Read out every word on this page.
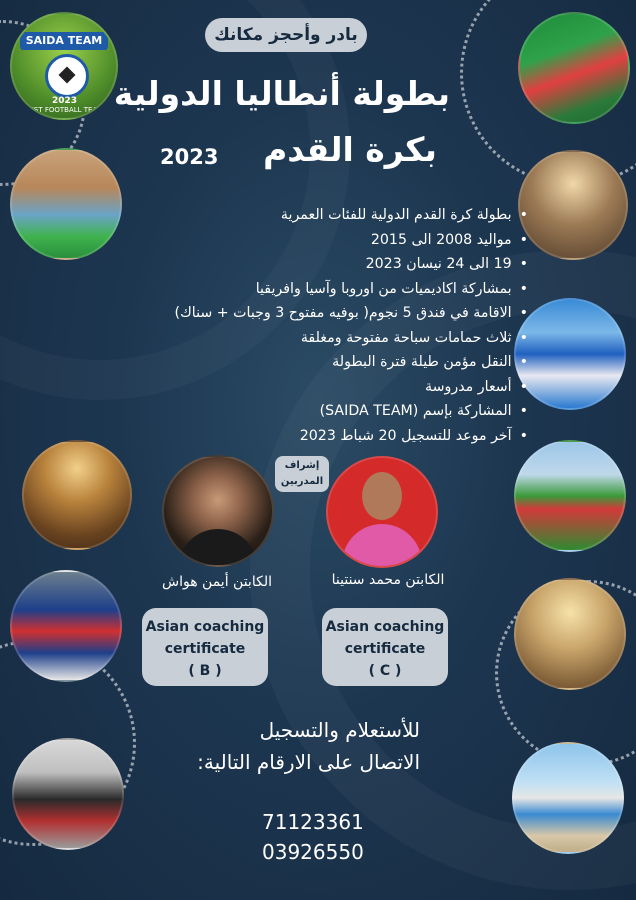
SAIDA TEAM
2023
BEST FOOTBALL TEAM
بادر وأحجز مكانك
بطولة أنطاليا الدولية
بكرة القدم
2023
• بطولة كرة القدم الدولية للفئات العمرية
• مواليد 2008 الى 2015
• 19 الى 24 نيسان 2023
• بمشاركة اكاديميات من اوروبا وآسيا وافريقيا
• الاقامة في فندق 5 نجوم( بوفيه مفتوح 3 وجبات + سناك)
• ثلاث حمامات سباحة مفتوحة ومغلقة
• النقل مؤمن طيلة فترة البطولة
• أسعار مدروسة
• المشاركة بإسم (SAIDA TEAM)
• آخر موعد للتسجيل 20 شباط 2023
إشراف
المدربين
الكابتن أيمن هواش	الكابتن محمد سنتينا
Asian coaching
certificate
( B )
Asian coaching
certificate
( C )
للأستعلام والتسجيل
الاتصال على الارقام التالية:
71123361
03926550
